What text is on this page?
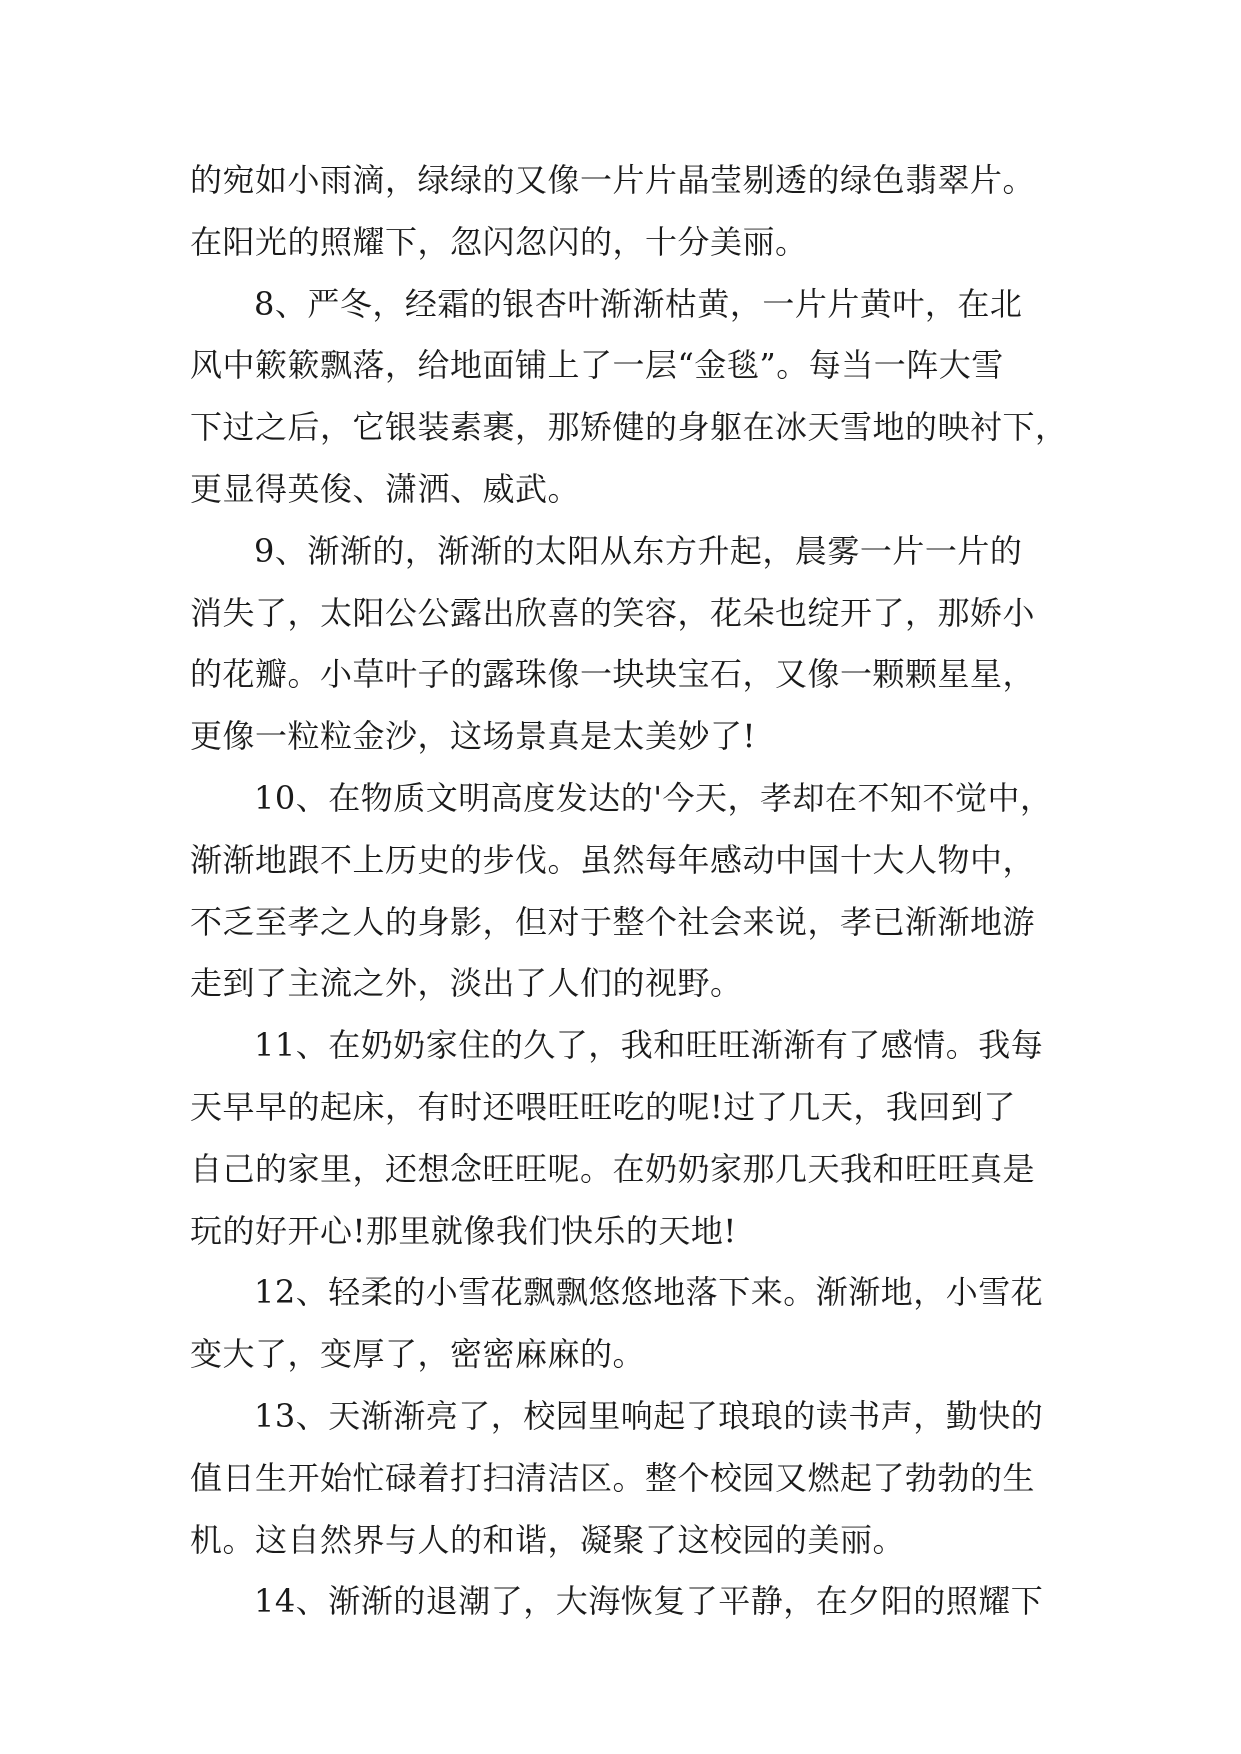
的宛如小雨滴，绿绿的又像一片片晶莹剔透的绿色翡翠片。
在阳光的照耀下，忽闪忽闪的，十分美丽。
8、严冬，经霜的银杏叶渐渐枯黄，一片片黄叶，在北
风中簌簌飘落，给地面铺上了一层“金毯”。每当一阵大雪
下过之后，它银装素裹，那矫健的身躯在冰天雪地的映衬下，
更显得英俊、潇洒、威武。
9、渐渐的，渐渐的太阳从东方升起，晨雾一片一片的
消失了，太阳公公露出欣喜的笑容，花朵也绽开了，那娇小
的花瓣。小草叶子的露珠像一块块宝石，又像一颗颗星星，
更像一粒粒金沙，这场景真是太美妙了!
10、在物质文明高度发达的'今天，孝却在不知不觉中，
渐渐地跟不上历史的步伐。虽然每年感动中国十大人物中，
不乏至孝之人的身影，但对于整个社会来说，孝已渐渐地游
走到了主流之外，淡出了人们的视野。
11、在奶奶家住的久了，我和旺旺渐渐有了感情。我每
天早早的起床，有时还喂旺旺吃的呢!过了几天，我回到了
自己的家里，还想念旺旺呢。在奶奶家那几天我和旺旺真是
玩的好开心!那里就像我们快乐的天地!
12、轻柔的小雪花飘飘悠悠地落下来。渐渐地，小雪花
变大了，变厚了，密密麻麻的。
13、天渐渐亮了，校园里响起了琅琅的读书声，勤快的
值日生开始忙碌着打扫清洁区。整个校园又燃起了勃勃的生
机。这自然界与人的和谐，凝聚了这校园的美丽。
14、渐渐的退潮了，大海恢复了平静，在夕阳的照耀下
